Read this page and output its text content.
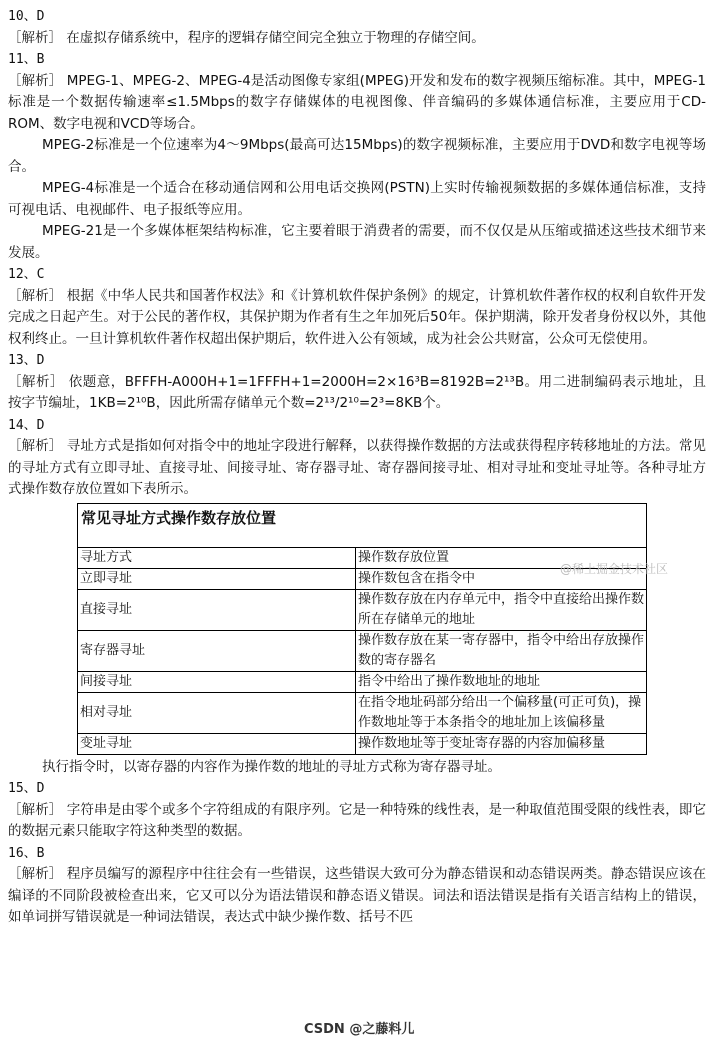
10、D

［解析］ 在虚拟存储系统中，程序的逻辑存储空间完全独立于物理的存储空间。

11、B

［解析］ MPEG-1、MPEG-2、MPEG-4是活动图像专家组(MPEG)开发和发布的数字视频压缩标准。其中，MPEG-1标准是一个数据传输速率≤1.5Mbps的数字存储媒体的电视图像、伴音编码的多媒体通信标准，主要应用于CD-ROM、数字电视和VCD等场合。

MPEG-2标准是一个位速率为4～9Mbps(最高可达15Mbps)的数字视频标准，主要应用于DVD和数字电视等场合。

MPEG-4标准是一个适合在移动通信网和公用电话交换网(PSTN)上实时传输视频数据的多媒体通信标准，支持可视电话、电视邮件、电子报纸等应用。

MPEG-21是一个多媒体框架结构标准，它主要着眼于消费者的需要，而不仅仅是从压缩或描述这些技术细节来发展。

12、C

［解析］ 根据《中华人民共和国著作权法》和《计算机软件保护条例》的规定，计算机软件著作权的权利自软件开发完成之日起产生。对于公民的著作权，其保护期为作者有生之年加死后50年。保护期满，除开发者身份权以外，其他权利终止。一旦计算机软件著作权超出保护期后，软件进入公有领域，成为社会公共财富，公众可无偿使用。

13、D

［解析］ 依题意，BFFFH-A000H+1=1FFFH+1=2000H=2×16³B=8192B=2¹³B。用二进制编码表示地址，且按字节编址，1KB=2¹⁰B，因此所需存储单元个数=2¹³/2¹⁰=2³=8KB个。

14、D

［解析］ 寻址方式是指如何对指令中的地址字段进行解释，以获得操作数据的方法或获得程序转移地址的方法。常见的寻址方式有立即寻址、直接寻址、间接寻址、寄存器寻址、寄存器间接寻址、相对寻址和变址寻址等。各种寻址方式操作数存放位置如下表所示。

常见寻址方式操作数存放位置
寻址方式	操作数存放位置
立即寻址	操作数包含在指令中
直接寻址	操作数存放在内存单元中，指令中直接给出操作数所在存储单元的地址
寄存器寻址	操作数存放在某一寄存器中，指令中给出存放操作数的寄存器名
间接寻址	指令中给出了操作数地址的地址
相对寻址	在指令地址码部分给出一个偏移量(可正可负)，操作数地址等于本条指令的地址加上该偏移量
变址寻址	操作数地址等于变址寄存器的内容加偏移量

执行指令时，以寄存器的内容作为操作数的地址的寻址方式称为寄存器寻址。

15、D

［解析］ 字符串是由零个或多个字符组成的有限序列。它是一种特殊的线性表，是一种取值范围受限的线性表，即它的数据元素只能取字符这种类型的数据。

16、B

［解析］ 程序员编写的源程序中往往会有一些错误，这些错误大致可分为静态错误和动态错误两类。静态错误应该在编译的不同阶段被检查出来，它又可以分为语法错误和静态语义错误。词法和语法错误是指有关语言结构上的错误，如单词拼写错误就是一种词法错误，表达式中缺少操作数、括号不匹

@稀土掘金技术社区
CSDN @之藤料儿
